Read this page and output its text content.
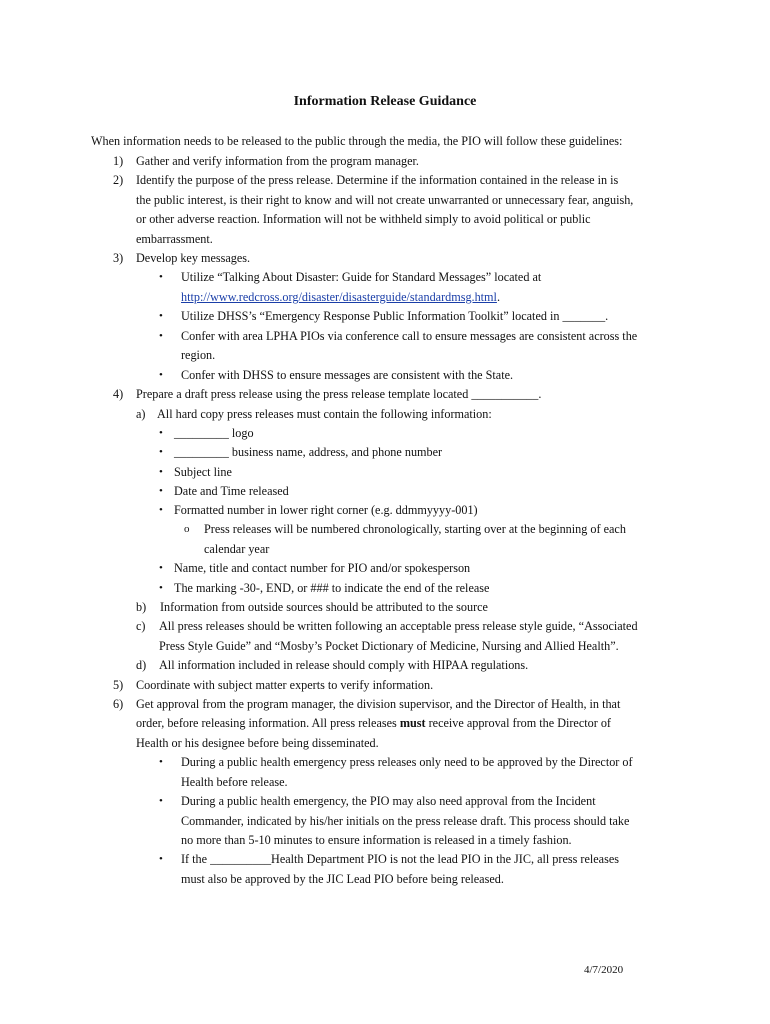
Information Release Guidance
When information needs to be released to the public through the media, the PIO will follow these guidelines:
1) Gather and verify information from the program manager.
2) Identify the purpose of the press release. Determine if the information contained in the release in is
the public interest, is their right to know and will not create unwarranted or unnecessary fear, anguish,
or other adverse reaction. Information will not be withheld simply to avoid political or public
embarrassment.
3) Develop key messages.
• Utilize “Talking About Disaster: Guide for Standard Messages” located at
http://www.redcross.org/disaster/disasterguide/standardmsg.html.
• Utilize DHSS’s “Emergency Response Public Information Toolkit” located in _______.
• Confer with area LPHA PIOs via conference call to ensure messages are consistent across the
region.
• Confer with DHSS to ensure messages are consistent with the State.
4) Prepare a draft press release using the press release template located ___________.
a) All hard copy press releases must contain the following information:
• _________ logo
• _________ business name, address, and phone number
• Subject line
• Date and Time released
• Formatted number in lower right corner (e.g. ddmmyyyy-001)
o Press releases will be numbered chronologically, starting over at the beginning of each
calendar year
• Name, title and contact number for PIO and/or spokesperson
• The marking -30-, END, or ### to indicate the end of the release
b) Information from outside sources should be attributed to the source
c) All press releases should be written following an acceptable press release style guide, “Associated
Press Style Guide” and “Mosby’s Pocket Dictionary of Medicine, Nursing and Allied Health”.
d) All information included in release should comply with HIPAA regulations.
5) Coordinate with subject matter experts to verify information.
6) Get approval from the program manager, the division supervisor, and the Director of Health, in that
order, before releasing information. All press releases must receive approval from the Director of
Health or his designee before being disseminated.
• During a public health emergency press releases only need to be approved by the Director of
Health before release.
• During a public health emergency, the PIO may also need approval from the Incident
Commander, indicated by his/her initials on the press release draft. This process should take
no more than 5-10 minutes to ensure information is released in a timely fashion.
• If the __________Health Department PIO is not the lead PIO in the JIC, all press releases
must also be approved by the JIC Lead PIO before being released.
4/7/2020
